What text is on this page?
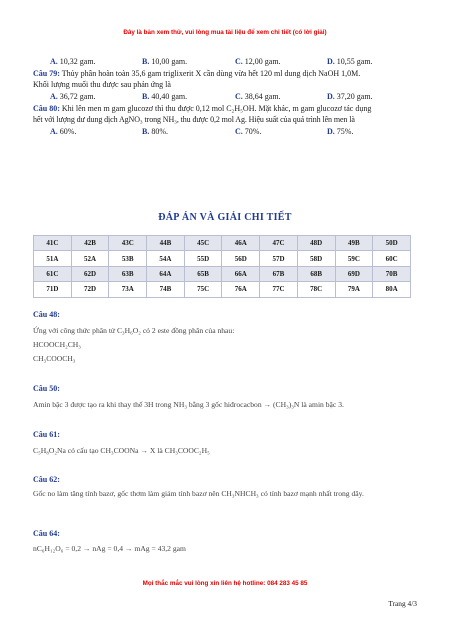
Đây là bản xem thử, vui lòng mua tài liệu để xem chi tiết (có lời giải)
A. 10,32 gam.	B. 10,00 gam.	C. 12,00 gam.	D. 10,55 gam.
Câu 79: Thủy phân hoàn toàn 35,6 gam triglixerit X cần dùng vừa hết 120 ml dung dịch NaOH 1,0M.
Khối lượng muối thu được sau phản ứng là
A. 36,72 gam.	B. 40,40 gam.	C. 38,64 gam.	D. 37,20 gam.
Câu 80: Khi lên men m gam glucozơ thì thu được 0,12 mol C₂H₅OH. Mặt khác, m gam glucozơ tác dụng
hết với lượng dư dung dịch AgNO₃ trong NH₃, thu được 0,2 mol Ag. Hiệu suất của quá trình lên men là
A. 60%.	B. 80%.	C. 70%.	D. 75%.
ĐÁP ÁN VÀ GIẢI CHI TIẾT
41C	42B	43C	44B	45C	46A	47C	48D	49B	50D
51A	52A	53B	54A	55D	56D	57D	58D	59C	60C
61C	62D	63B	64A	65B	66A	67B	68B	69D	70B
71D	72D	73A	74B	75C	76A	77C	78C	79A	80A
Câu 48:
Ứng với công thức phân tử C₃H₆O₂ có 2 este đồng phân của nhau:
HCOOCH₂CH₃
CH₃COOCH₃
Câu 50:
Amin bậc 3 được tạo ra khi thay thế 3H trong NH₃ bằng 3 gốc hiđrocacbon → (CH₃)₃N là amin bậc 3.
Câu 61:
C₅H₈O₂Na có cấu tạo CH₃COONa → X là CH₃COOC₂H₅
Câu 62:
Gốc no làm tăng tính bazơ, gốc thơm làm giảm tính bazơ nên CH₃NHCH₃ có tính bazơ mạnh nhất trong dãy.
Câu 64:
nC₆H₁₂O₆ = 0,2 → nAg = 0,4 → mAg = 43,2 gam
Mọi thắc mắc vui lòng xin liên hệ hotline: 084 283 45 85
Trang 4/3
